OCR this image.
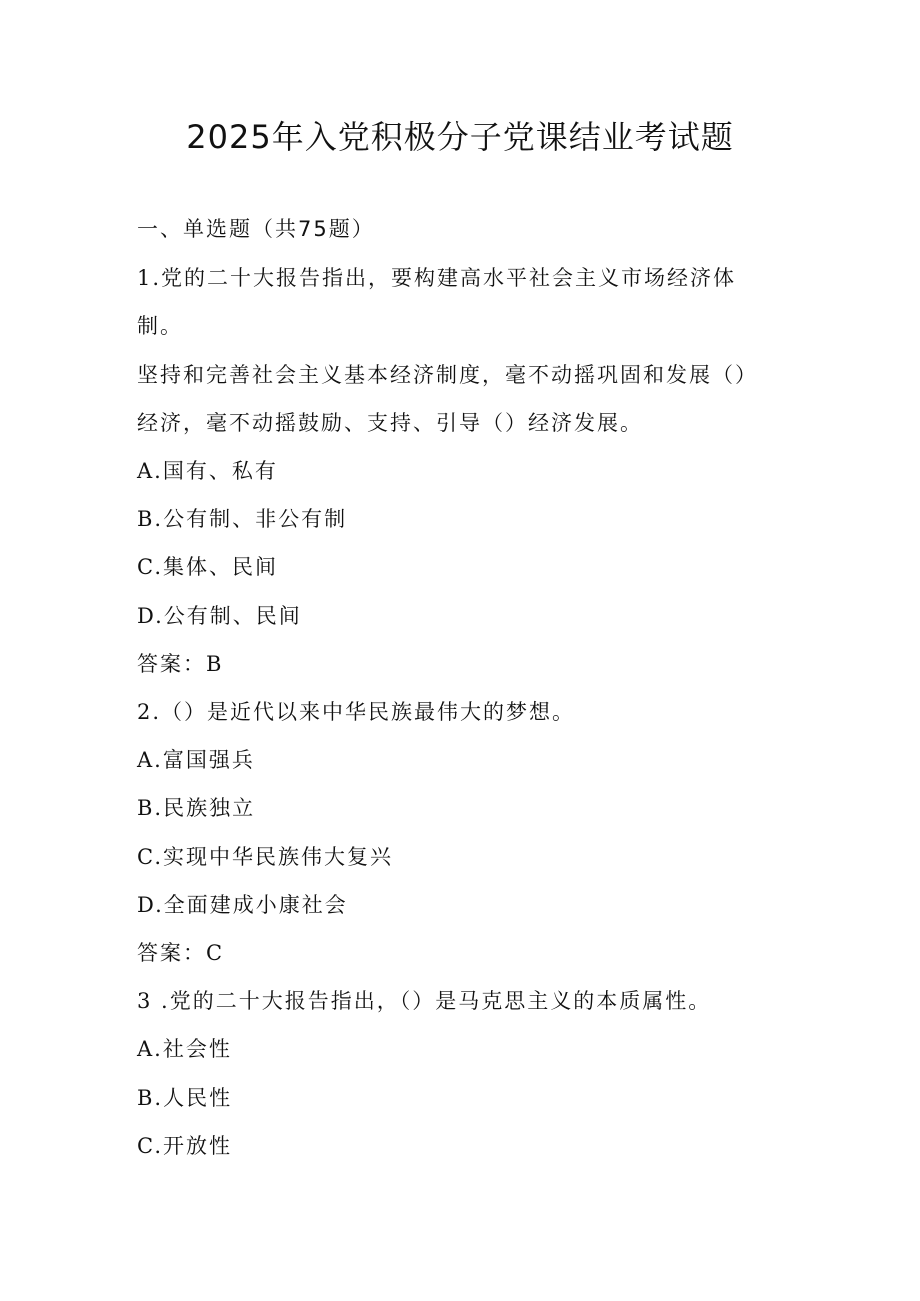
2025年入党积极分子党课结业考试题
一、单选题（共75题）
1.党的二十大报告指出，要构建高水平社会主义市场经济体
制。
坚持和完善社会主义基本经济制度，毫不动摇巩固和发展（）
经济，毫不动摇鼓励、支持、引导（）经济发展。
A.国有、私有
B.公有制、非公有制
C.集体、民间
D.公有制、民间
答案：B
2.（）是近代以来中华民族最伟大的梦想。
A.富国强兵
B.民族独立
C.实现中华民族伟大复兴
D.全面建成小康社会
答案：C
3 .党的二十大报告指出，（）是马克思主义的本质属性。
A.社会性
B.人民性
C.开放性
